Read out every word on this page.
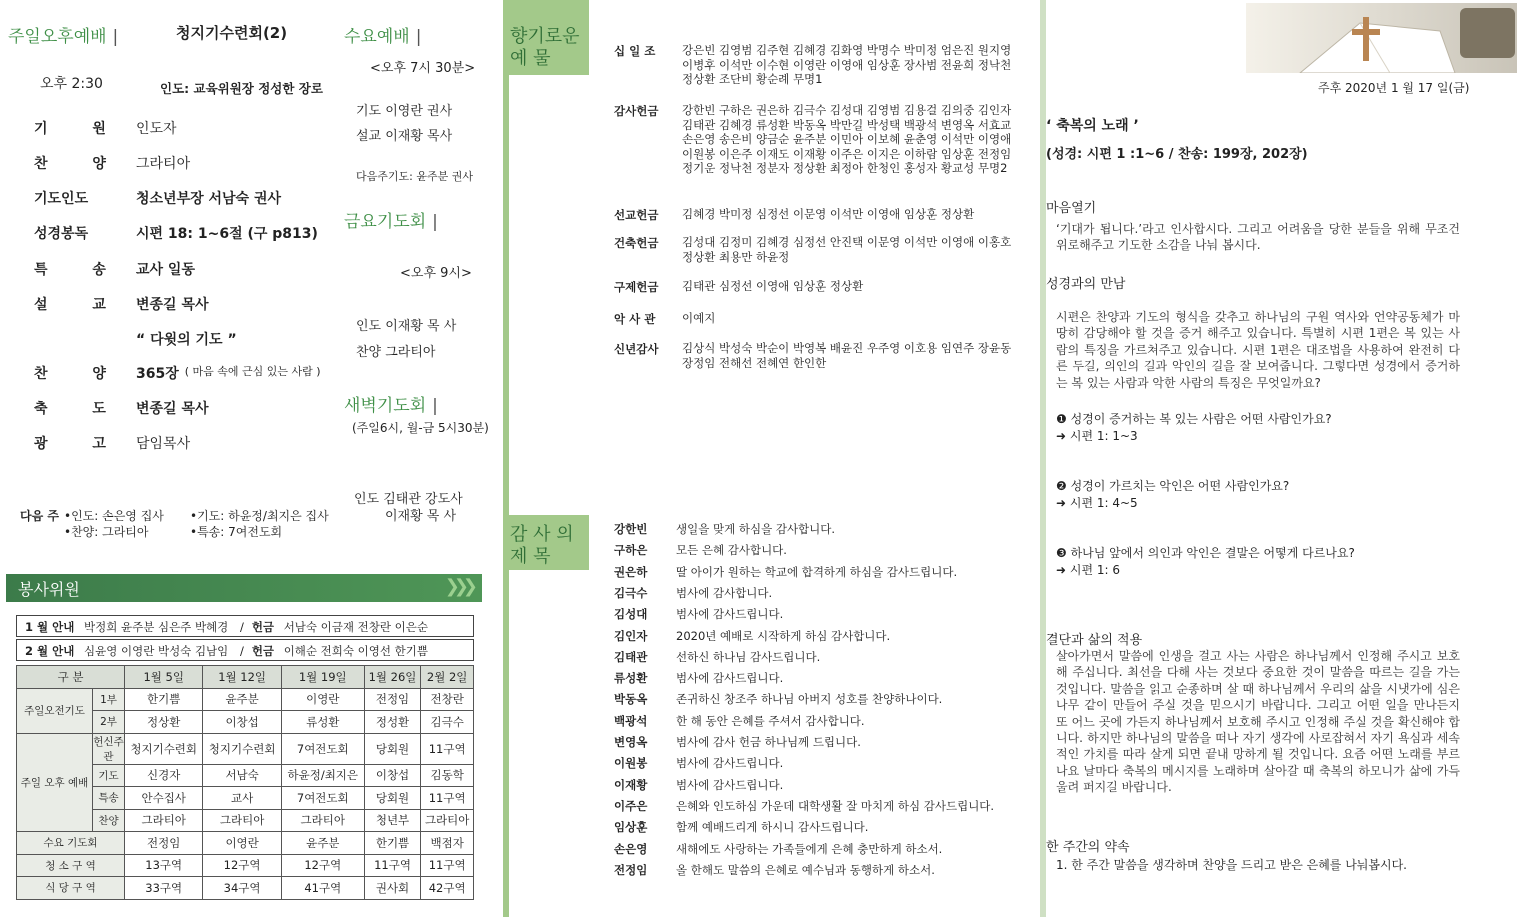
주일오후예배 |	청지기수련회(2)
오후 2:30	인도: 교육위원장 정성한 장로
기 원 인도자
찬 양 그라티아
기도인도	청소년부장 서남숙 권사
성경봉독	시편 18: 1~6절 (구 p813)
특 송 교사 일동
설 교 변종길 목사
“ 다윗의 기도 ”
찬 양 365장 ( 마음 속에 근심 있는 사람 )
축 도 변종길 목사
광 고 담임목사
다음 주 •인도: 손은영 집사 •기도: 하윤정/최지은 집사
•찬양: 그라티아	•특송: 7여전도회
수요예배 |
<오후 7시 30분>
기도 이영란 권사
설교 이재황 목사
다음주기도: 윤주분 권사
금요기도회 |
<오후 9시>
인도 이재황 목 사
찬양 그라티아
새벽기도회 |
(주일6시, 월-금 5시30분)
인도 김태관 강도사
이재황 목 사
봉사위원	❯❯❯
1 월 안내 박정희 윤주분 심은주 박혜경 / 헌금 서남숙 이금재 전창란 이은순
2 월 안내 심윤영 이영란 박성숙 김남임 / 헌금 이해순 전희숙 이영선 한기쁨
구 분		1월 5일	1월 12일	1월 19일	1월 26일	2월 2일
주일오전기도	1부	한기쁨	윤주분	이영란	전정임	전창란
	2부	정상환	이창섭	류성환	정성환	김극수
주일 오후 예배	헌신주관	청지기수련회	청지기수련회	7여전도회	당회원	11구역
	기도	신경자	서남숙	하윤정/최지은	이창섭	김동학
	특송	안수집사	교사	7여전도회	당회원	11구역
	찬양	그라티아	그라티아	그라티아	청년부	그라티아
수요 기도회		전정임	이영란	윤주분	한기쁨	백점자
청 소 구 역		13구역	12구역	12구역	11구역	11구역
식 당 구 역		33구역	34구역	41구역	권사회	42구역
향기로운
예 물	십 일 조	강은빈 김영범 김주현 김혜경 김화영 박명수 박미정 엄은진 원지영 이병후 이석만 이수현 이영란 이영애 임상훈 장사범 전윤희 정낙천 정상환 조단비 황순례 무명1
감사헌금	강한빈 구하은 권은하 김극수 김성대 김영범 김용걸 김의중 김인자 김태관 김혜경 류성환 박동옥 박만길 박성택 백광석 변영옥 서효교 손은영 송은비 양금순 윤주분 이민아 이보혜 윤춘영 이석만 이영애 이원봉 이은주 이재도 이재황 이주은 이지은 이하람 임상훈 전정임 정기운 정낙천 정분자 정상환 최정아 한청인 홍성자 황교성 무명2
선교헌금	김혜경 박미정 심정선 이문영 이석만 이영애 임상훈 정상환
건축헌금	김성대 김정미 김혜경 심정선 안진택 이문영 이석만 이영애 이홍호 정상환 최용만 하윤정
구제헌금	김태관 심정선 이영애 임상훈 정상환
악 사 관	이예지
신년감사	김상식 박성숙 박순이 박영복 배윤진 우주영 이호용 임연주 장윤동 장정임 전해선 전혜연 한인한
감 사 의
제 목
강한빈	생일을 맞게 하심을 감사합니다.
구하은	모든 은혜 감사합니다.
권은하	딸 아이가 원하는 학교에 합격하게 하심을 감사드립니다.
김극수	범사에 감사합니다.
김성대	범사에 감사드립니다.
김인자	2020년 예배로 시작하게 하심 감사합니다.
김태관	선하신 하나님 감사드립니다.
류성환	범사에 감사드립니다.
박동옥	존귀하신 창조주 하나님 아버지 성호를 찬양하나이다.
백광석	한 해 동안 은혜를 주셔서 감사합니다.
변영옥	범사에 감사 헌금 하나님께 드립니다.
이원봉	범사에 감사드립니다.
이재황	범사에 감사드립니다.
이주은	은혜와 인도하심 가운데 대학생활 잘 마치게 하심 감사드립니다.
임상훈	함께 예배드리게 하시니 감사드립니다.
손은영	새해에도 사랑하는 가족들에게 은혜 충만하게 하소서.
전정임	올 한해도 말씀의 은혜로 예수님과 동행하게 하소서.
주후 2020년 1 월 17 일(금)
‘ 축복의 노래 ’
(성경: 시편 1 :1~6 / 찬송: 199장, 202장)
마음열기
‘기대가 됩니다.’라고 인사합시다. 그리고 어려움을 당한 분들을 위해 무조건 위로해주고 기도한 소감을 나눠 봅시다.
성경과의 만남
시편은 찬양과 기도의 형식을 갖추고 하나님의 구원 역사와 언약공동체가 마땅히 감당해야 할 것을 증거 해주고 있습니다. 특별히 시편 1편은 복 있는 사람의 특징을 가르쳐주고 있습니다. 시편 1편은 대조법을 사용하여 완전히 다른 두길, 의인의 길과 악인의 길을 잘 보여줍니다. 그렇다면 성경에서 증거하는 복 있는 사람과 악한 사람의 특징은 무엇일까요?
❶ 성경이 증거하는 복 있는 사람은 어떤 사람인가요?
➜ 시편 1: 1~3
❷ 성경이 가르치는 악인은 어떤 사람인가요?
➜ 시편 1: 4~5
❸ 하나님 앞에서 의인과 악인은 결말은 어떻게 다르나요?
➜ 시편 1: 6
결단과 삶의 적용
살아가면서 말씀에 인생을 걸고 사는 사람은 하나님께서 인정해 주시고 보호해 주십니다. 최선을 다해 사는 것보다 중요한 것이 말씀을 따르는 길을 가는 것입니다. 말씀을 읽고 순종하며 살 때 하나님께서 우리의 삶을 시냇가에 심은 나무 같이 만들어 주실 것을 믿으시기 바랍니다. 그리고 어떤 일을 만나든지 또 어느 곳에 가든지 하나님께서 보호해 주시고 인정해 주실 것을 확신해야 합니다. 하지만 하나님의 말씀을 떠나 자기 생각에 사로잡혀서 자기 욕심과 세속적인 가치를 따라 살게 되면 끝내 망하게 될 것입니다. 요즘 어떤 노래를 부르나요 날마다 축복의 메시지를 노래하며 살아갈 때 축복의 하모니가 삶에 가득 울려 퍼지길 바랍니다.
한 주간의 약속
1. 한 주간 말씀을 생각하며 찬양을 드리고 받은 은혜를 나눠봅시다.
